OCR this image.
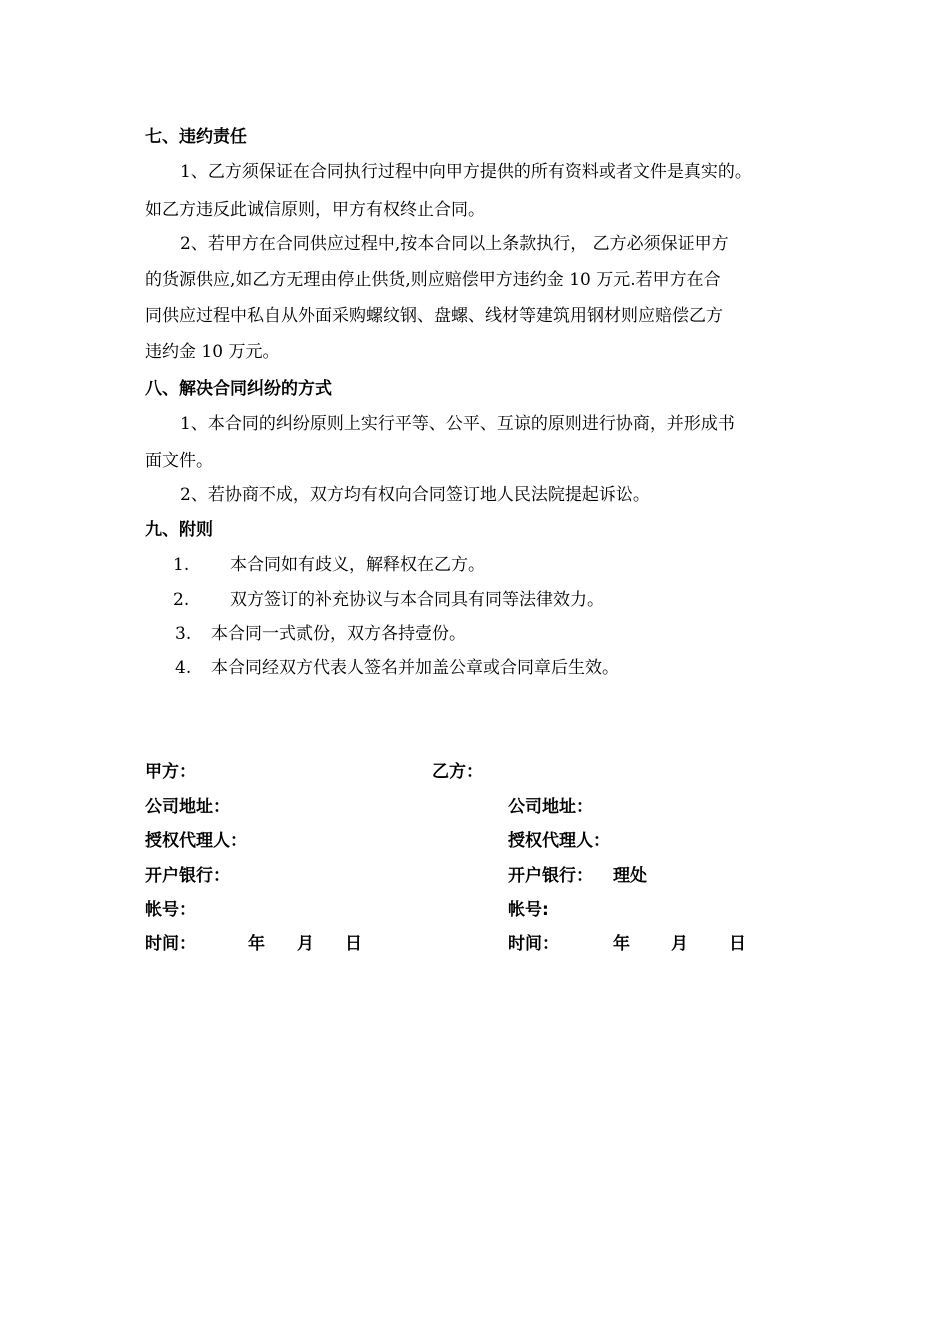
七、违约责任
1、乙方须保证在合同执行过程中向甲方提供的所有资料或者文件是真实的。
如乙方违反此诚信原则，甲方有权终止合同。
2、若甲方在合同供应过程中,按本合同以上条款执行， 乙方必须保证甲方
的货源供应,如乙方无理由停止供货,则应赔偿甲方违约金 10 万元.若甲方在合
同供应过程中私自从外面采购螺纹钢、盘螺、线材等建筑用钢材则应赔偿乙方
违约金 10 万元。
八、解决合同纠纷的方式
1、本合同的纠纷原则上实行平等、公平、互谅的原则进行协商，并形成书
面文件。
2、若协商不成，双方均有权向合同签订地人民法院提起诉讼。
九、附则
1. 本合同如有歧义，解释权在乙方。
2. 双方签订的补充协议与本合同具有同等法律效力。
3. 本合同一式贰份，双方各持壹份。
4. 本合同经双方代表人签名并加盖公章或合同章后生效。
甲方：
公司地址：
授权代理人：
开户银行：
帐号：
时间：	年 月 日
乙方：
公司地址：
授权代理人：
开户银行： 理处
帐号:
时间：	年 月 日
